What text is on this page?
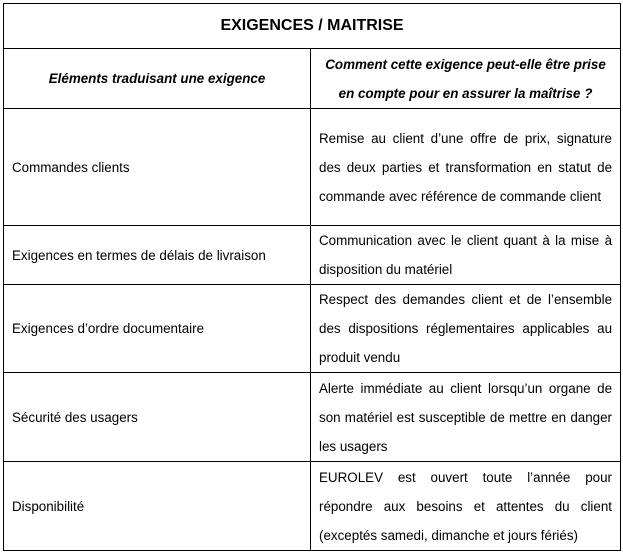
EXIGENCES / MAITRISE	
Eléments traduisant une exigence	Comment cette exigence peut-elle être prise en compte pour en assurer la maîtrise ?
Commandes clients	Remise au client d’une offre de prix, signature des deux parties et transformation en statut de commande avec référence de commande client
Exigences en termes de délais de livraison	Communication avec le client quant à la mise à disposition du matériel
Exigences d’ordre documentaire	Respect des demandes client et de l’ensemble des dispositions réglementaires applicables au produit vendu
Sécurité des usagers	Alerte immédiate au client lorsqu’un organe de son matériel est susceptible de mettre en danger les usagers
Disponibilité	EUROLEV est ouvert toute l’année pour répondre aux besoins et attentes du client (exceptés samedi, dimanche et jours fériés)
